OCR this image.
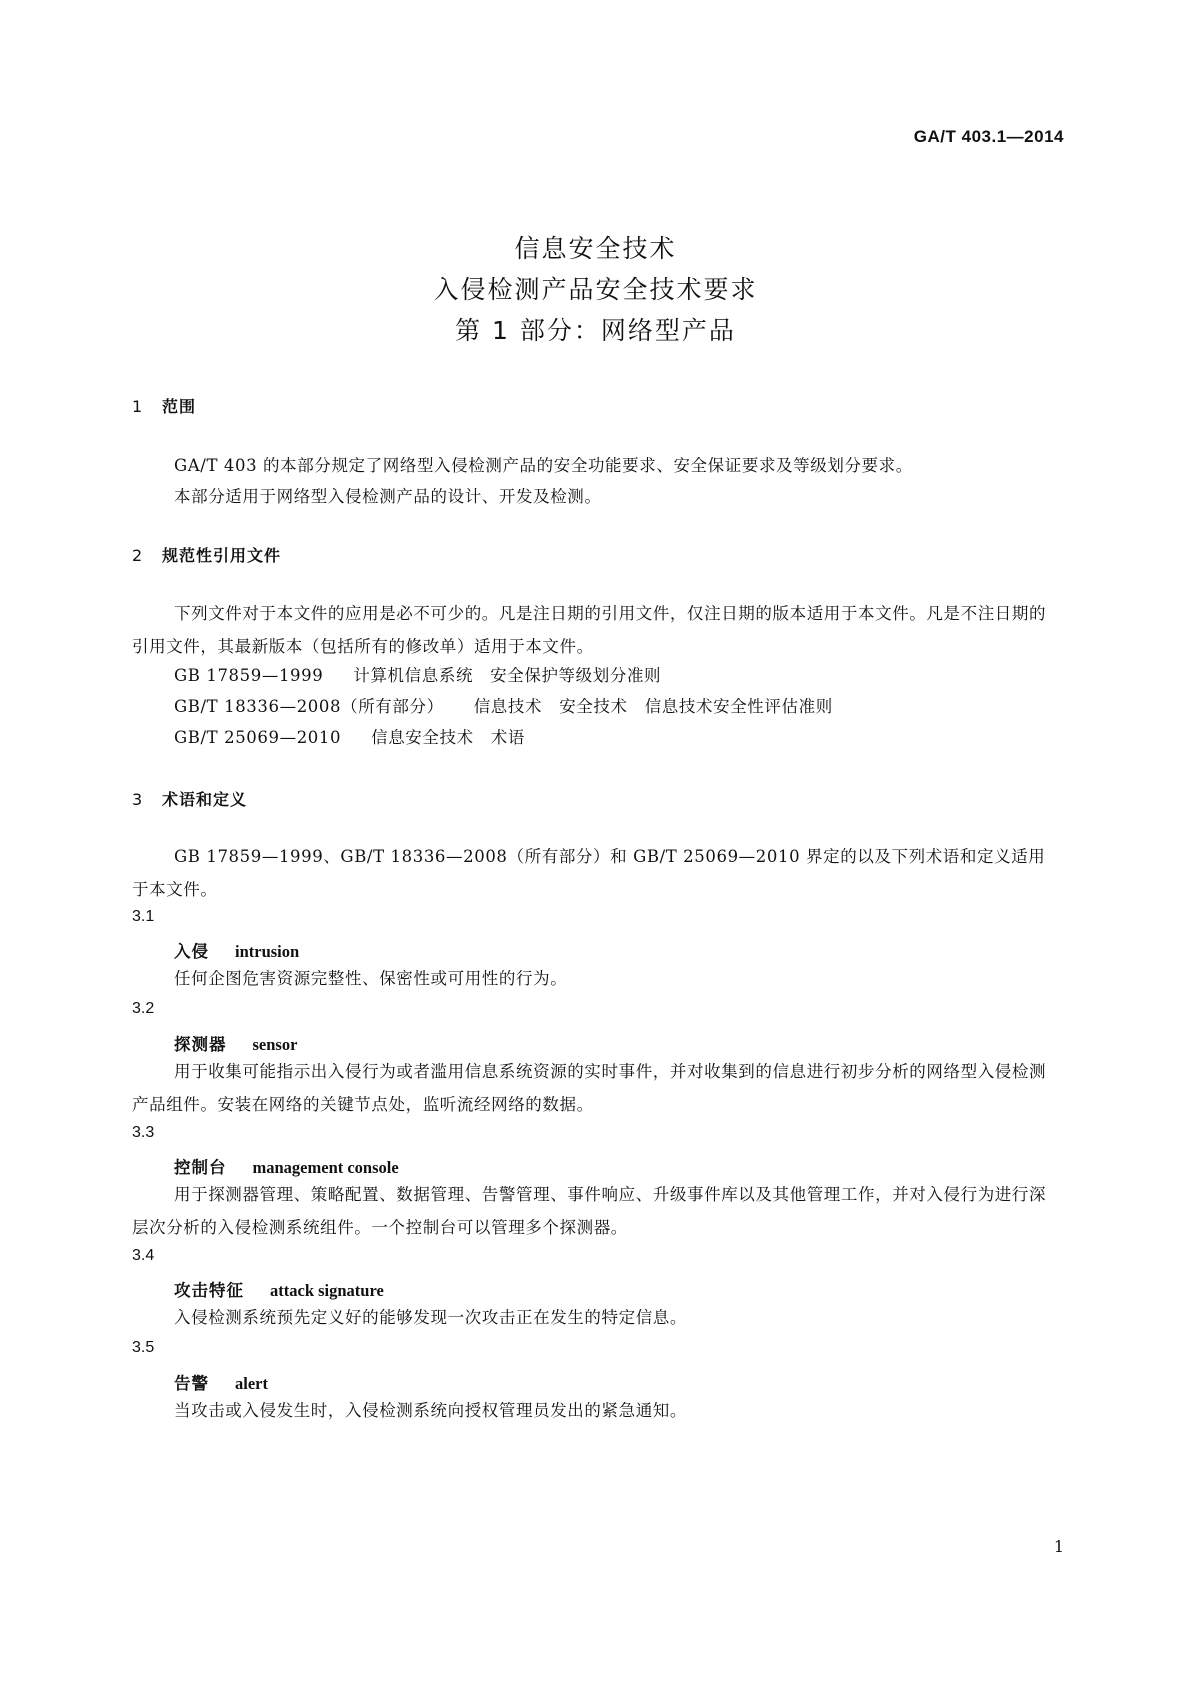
GA/T 403.1—2014
信息安全技术
入侵检测产品安全技术要求
第 1 部分：网络型产品
1 范围
GA/T 403 的本部分规定了网络型入侵检测产品的安全功能要求、安全保证要求及等级划分要求。
本部分适用于网络型入侵检测产品的设计、开发及检测。
2 规范性引用文件
下列文件对于本文件的应用是必不可少的。凡是注日期的引用文件，仅注日期的版本适用于本文件。凡是不注日期的引用文件，其最新版本（包括所有的修改单）适用于本文件。
GB 17859—1999 计算机信息系统　安全保护等级划分准则
GB/T 18336—2008（所有部分） 信息技术　安全技术　信息技术安全性评估准则
GB/T 25069—2010 信息安全技术　术语
3 术语和定义
GB 17859—1999、GB/T 18336—2008（所有部分）和 GB/T 25069—2010 界定的以及下列术语和定义适用于本文件。
3.1
入侵 intrusion
任何企图危害资源完整性、保密性或可用性的行为。
3.2
探测器 sensor
用于收集可能指示出入侵行为或者滥用信息系统资源的实时事件，并对收集到的信息进行初步分析的网络型入侵检测产品组件。安装在网络的关键节点处，监听流经网络的数据。
3.3
控制台 management console
用于探测器管理、策略配置、数据管理、告警管理、事件响应、升级事件库以及其他管理工作，并对入侵行为进行深层次分析的入侵检测系统组件。一个控制台可以管理多个探测器。
3.4
攻击特征 attack signature
入侵检测系统预先定义好的能够发现一次攻击正在发生的特定信息。
3.5
告警 alert
当攻击或入侵发生时，入侵检测系统向授权管理员发出的紧急通知。
1
